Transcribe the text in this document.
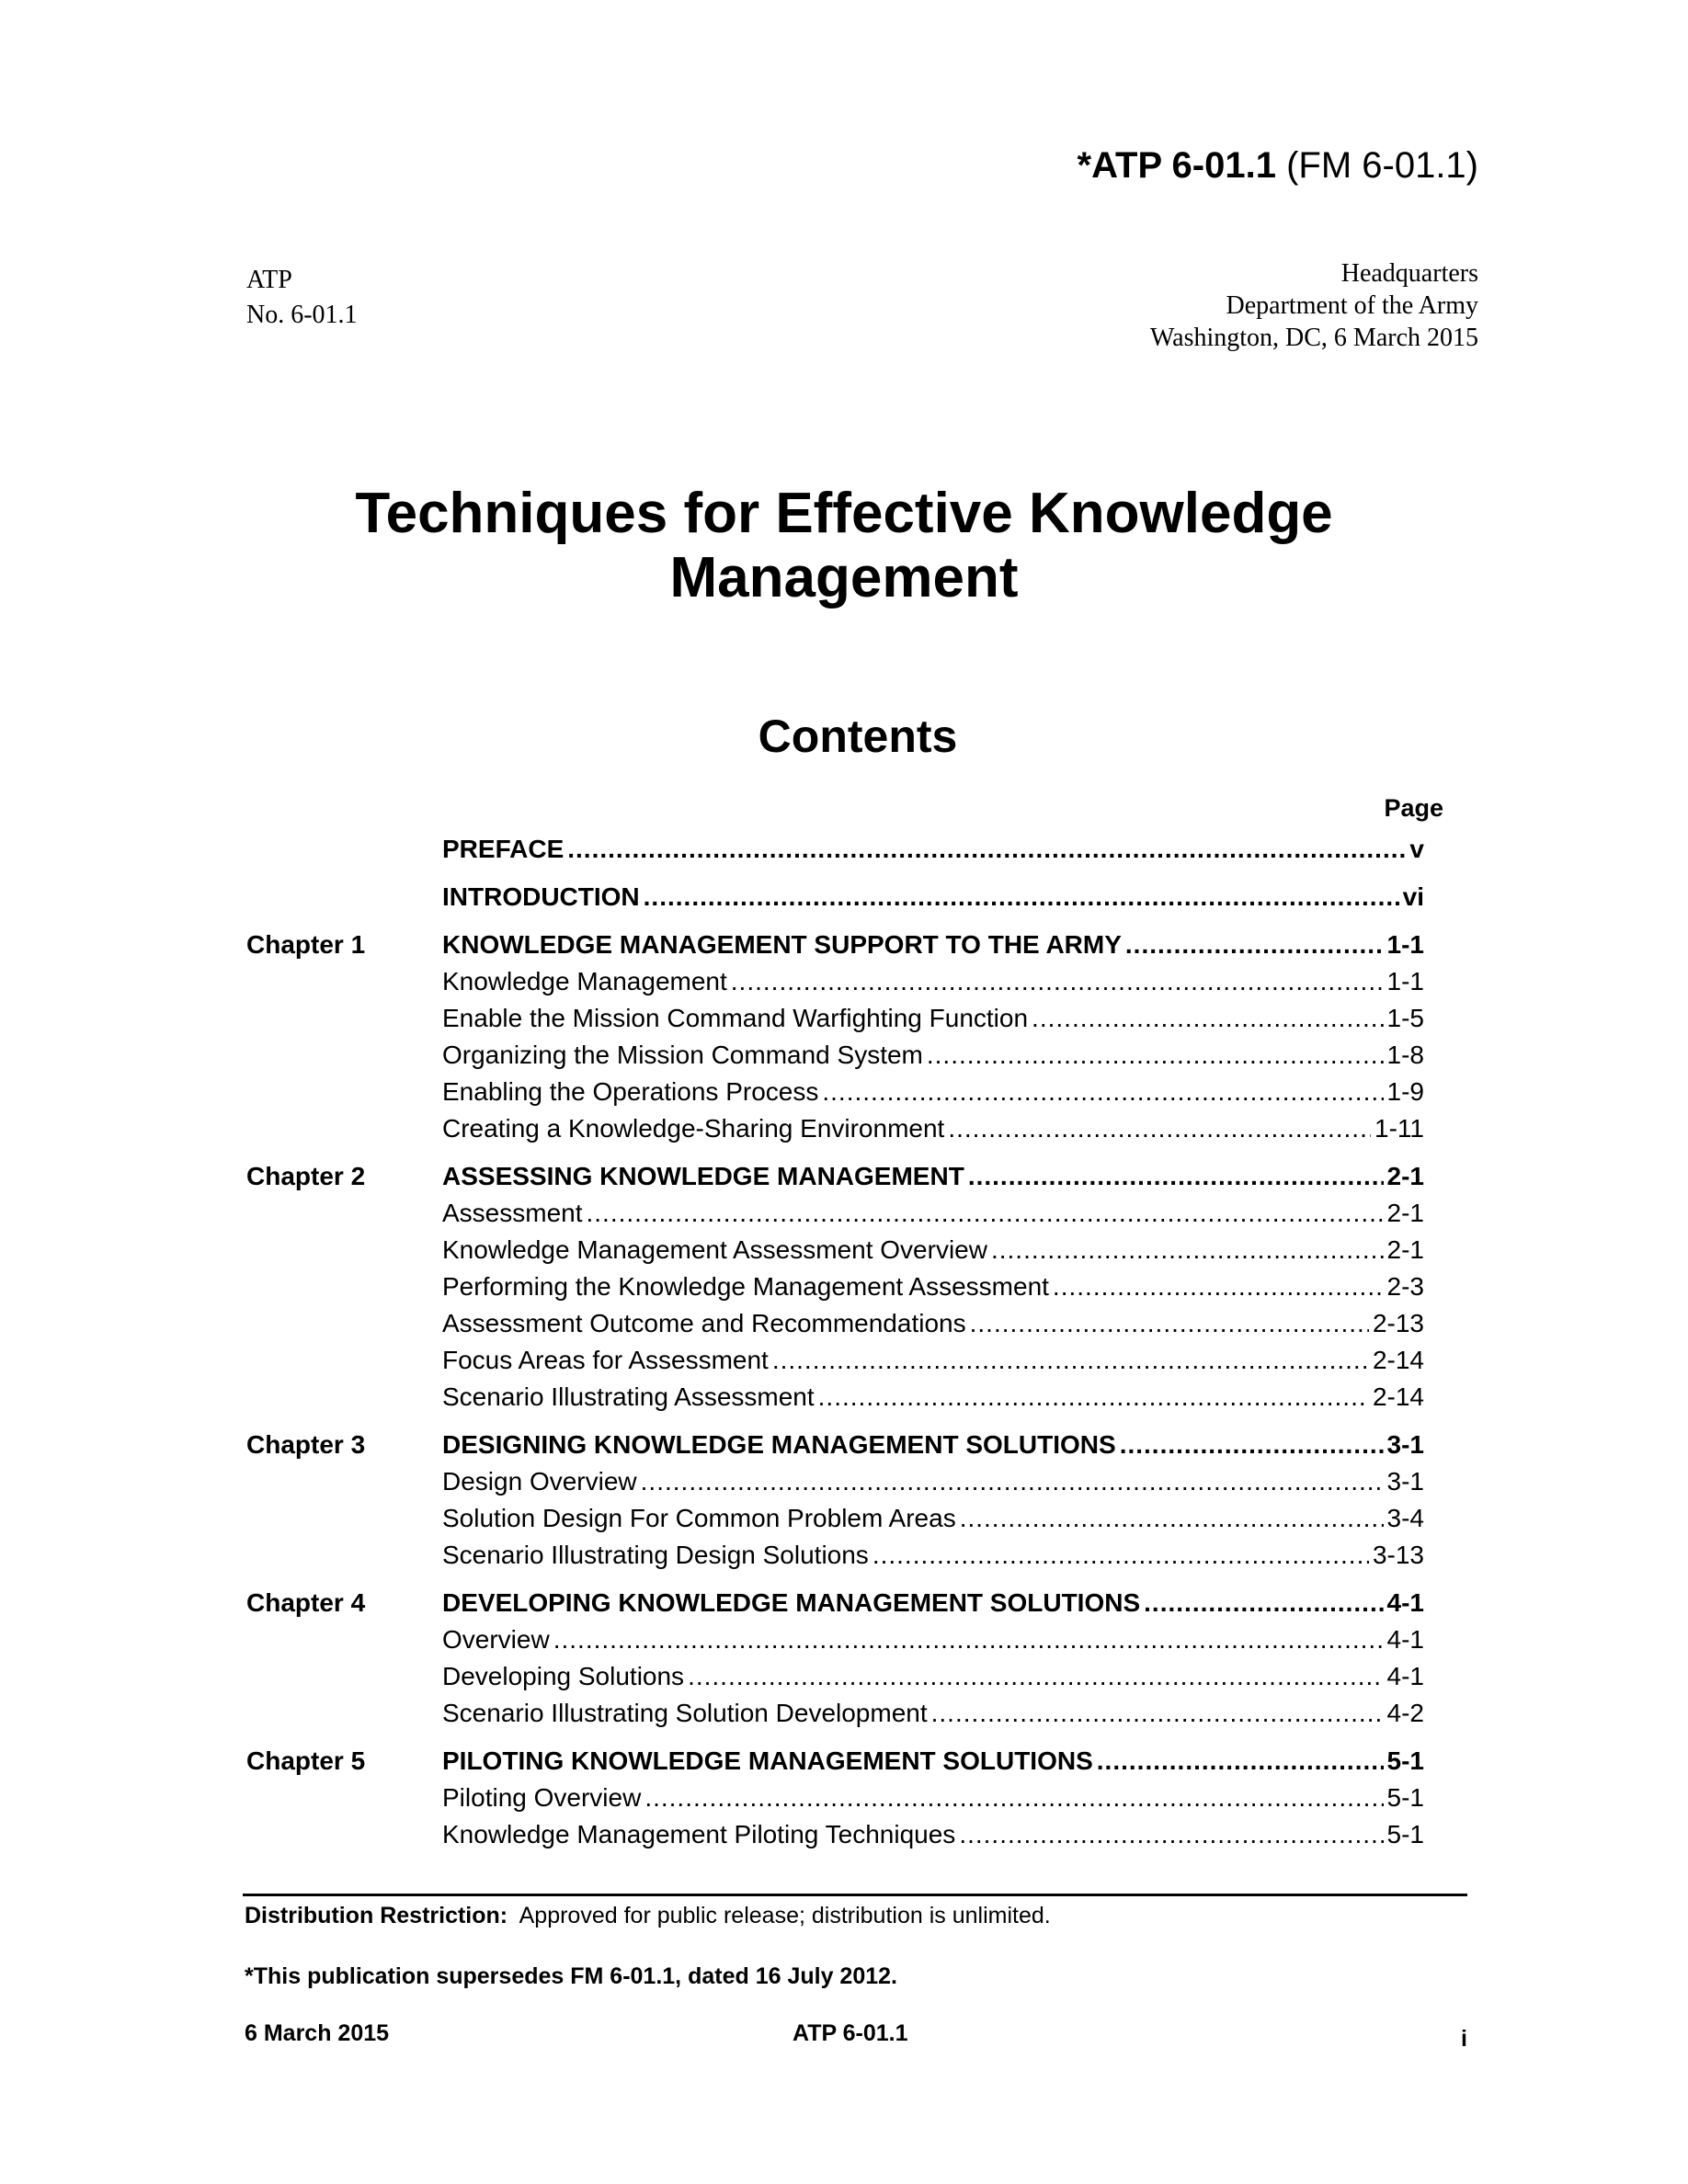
*ATP 6-01.1 (FM 6-01.1)
ATP
No. 6-01.1
Headquarters
Department of the Army
Washington, DC, 6 March 2015
Techniques for Effective Knowledge
Management
Contents
Page
PREFACE .....	v
INTRODUCTION .....	vi
Chapter 1	KNOWLEDGE MANAGEMENT SUPPORT TO THE ARMY .....	1-1
Knowledge Management .....	1-1
Enable the Mission Command Warfighting Function .....	1-5
Organizing the Mission Command System .....	1-8
Enabling the Operations Process .....	1-9
Creating a Knowledge-Sharing Environment .....	1-11
Chapter 2	ASSESSING KNOWLEDGE MANAGEMENT .....	2-1
Assessment .....	2-1
Knowledge Management Assessment Overview .....	2-1
Performing the Knowledge Management Assessment .....	2-3
Assessment Outcome and Recommendations .....	2-13
Focus Areas for Assessment .....	2-14
Scenario Illustrating Assessment .....	2-14
Chapter 3	DESIGNING KNOWLEDGE MANAGEMENT SOLUTIONS .....	3-1
Design Overview .....	3-1
Solution Design For Common Problem Areas .....	3-4
Scenario Illustrating Design Solutions .....	3-13
Chapter 4	DEVELOPING KNOWLEDGE MANAGEMENT SOLUTIONS .....	4-1
Overview .....	4-1
Developing Solutions .....	4-1
Scenario Illustrating Solution Development .....	4-2
Chapter 5	PILOTING KNOWLEDGE MANAGEMENT SOLUTIONS .....	5-1
Piloting Overview .....	5-1
Knowledge Management Piloting Techniques .....	5-1
Distribution Restriction: Approved for public release; distribution is unlimited.
*This publication supersedes FM 6-01.1, dated 16 July 2012.
6 March 2015	ATP 6-01.1	i
